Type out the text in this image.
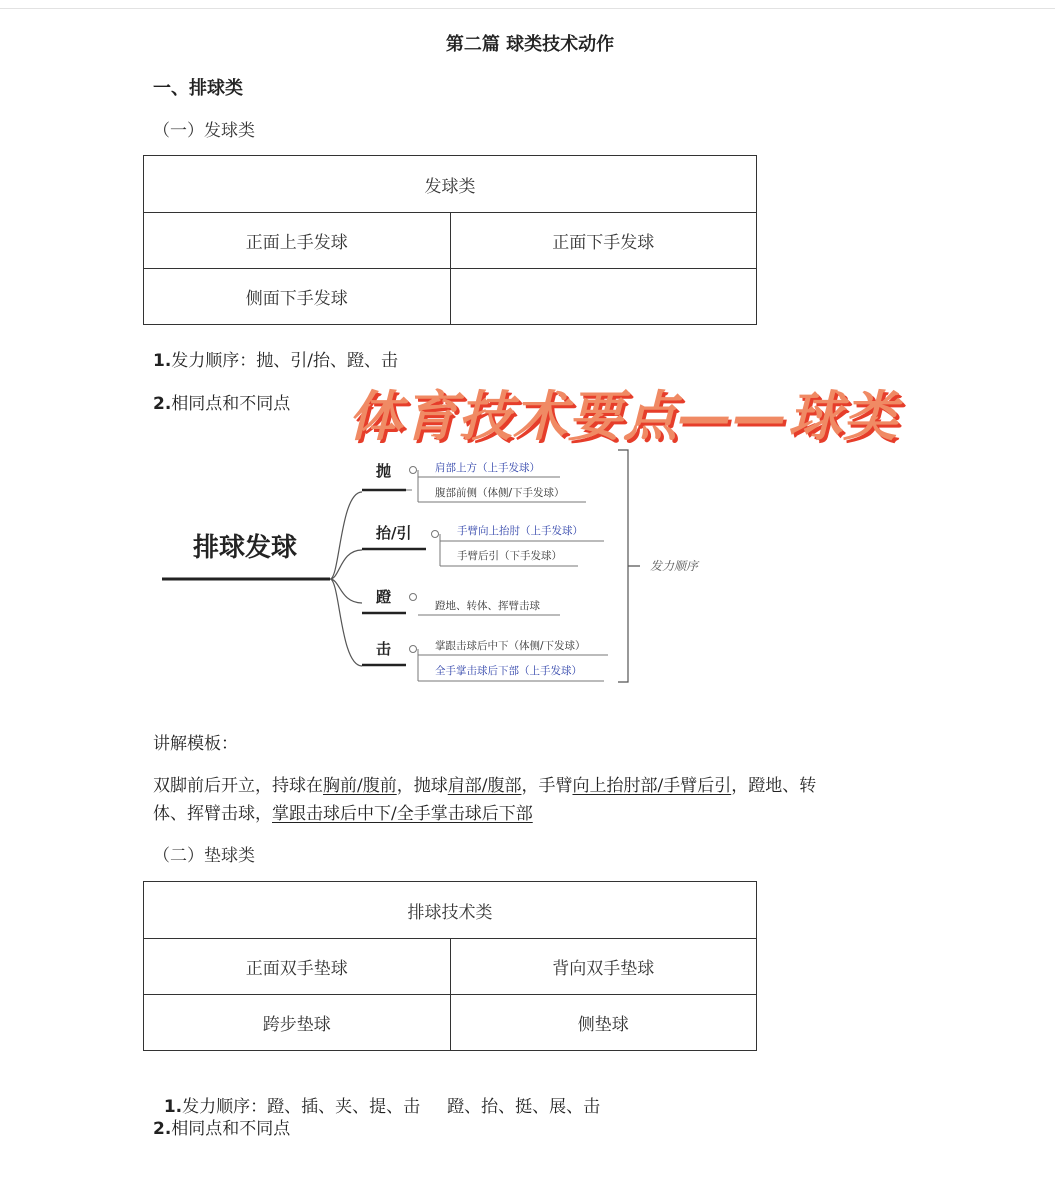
第二篇 球类技术动作
一、排球类
（一）发球类
发球类	
正面上手发球	正面下手发球
侧面下手发球	
1.发力顺序：抛、引/抬、蹬、击
2.相同点和不同点 体育技术要点——球类
排球发球
抛	肩部上方（上手发球）
腹部前侧（体侧/下手发球）
抬/引	手臂向上抬肘（上手发球）
手臂后引（下手发球）
蹬	蹬地、转体、挥臂击球
击	掌跟击球后中下（体侧/下发球）
全手掌击球后下部（上手发球）
发力顺序
讲解模板：
双脚前后开立，持球在胸前/腹前，抛球肩部/腹部，手臂向上抬肘部/手臂后引，蹬地、转
体、挥臂击球，掌跟击球后中下/全手掌击球后下部
（二）垫球类
排球技术类	
正面双手垫球	背向双手垫球
跨步垫球	侧垫球

1.发力顺序：蹬、插、夹、提、击     蹬、抬、挺、展、击

2.相同点和不同点
